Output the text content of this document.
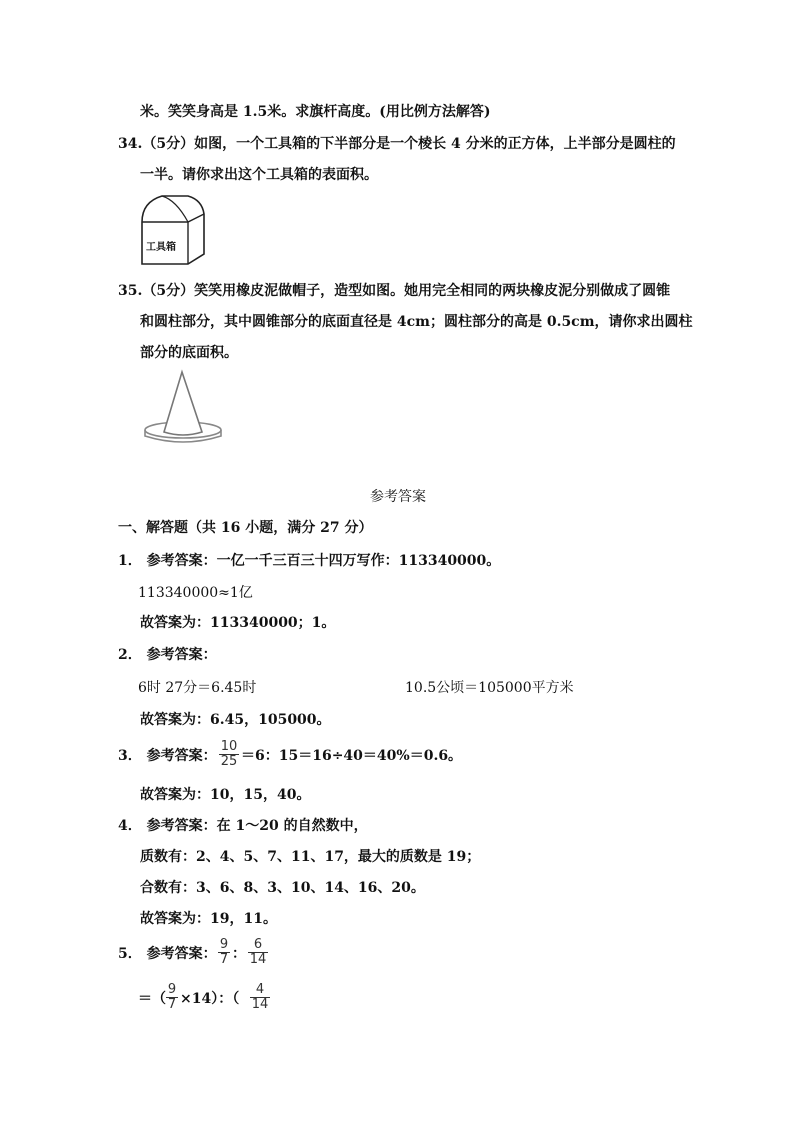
米。笑笑身高是 1.5米。求旗杆高度。(用比例方法解答)
34.（5分）如图，一个工具箱的下半部分是一个棱长 4 分米的正方体，上半部分是圆柱的
一半。请你求出这个工具箱的表面积。
工具箱
35.（5分）笑笑用橡皮泥做帽子，造型如图。她用完全相同的两块橡皮泥分别做成了圆锥
和圆柱部分，其中圆锥部分的底面直径是 4cm；圆柱部分的高是 0.5cm，请你求出圆柱
部分的底面积。
参考答案
一、解答题（共 16 小题，满分 27 分）
1． 参考答案：一亿一千三百三十四万写作：113340000。
113340000≈1亿
故答案为：113340000；1。
2． 参考答案：
6时 27分＝6.45时	10.5公顷＝105000平方米
故答案为：6.45，105000。
3． 参考答案：
10
25 ＝6：15＝16÷40＝40%＝0.6。
故答案为：10，15，40。
4． 参考答案：在 1～20 的自然数中，
质数有：2、4、5、7、11、17，最大的质数是 19；
合数有：3、6、8、3、10、14、16、20。
故答案为：19，11。
5． 参考答案：
9
7 ：
6
14
＝（
9
7 ×14）：（
4
14
